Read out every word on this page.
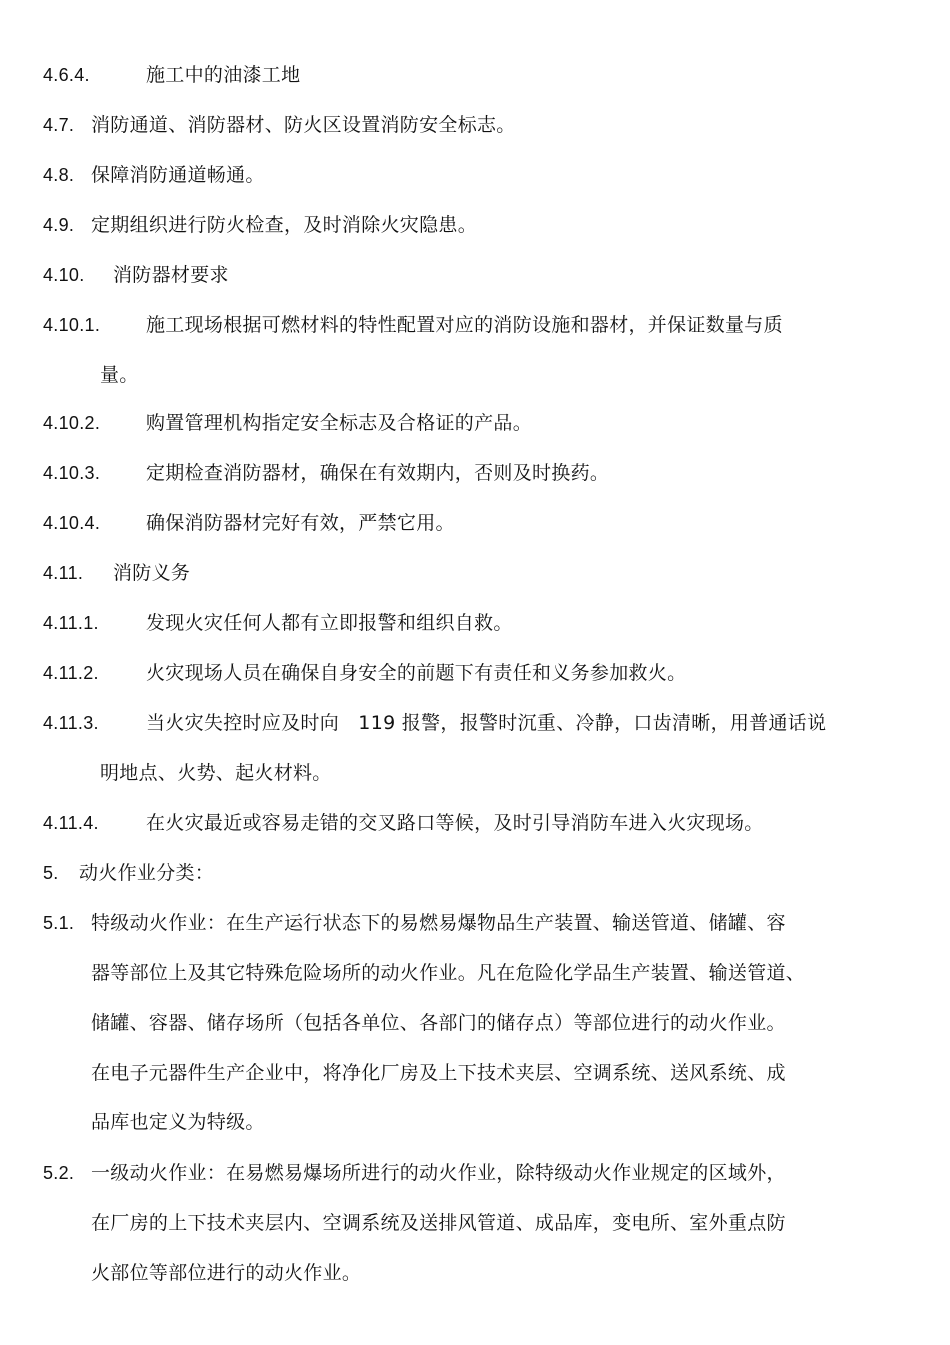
4.6.4.	施工中的油漆工地
4.7. 消防通道、消防器材、防火区设置消防安全标志。
4.8. 保障消防通道畅通。
4.9. 定期组织进行防火检查，及时消除火灾隐患。
4.10. 消防器材要求
4.10.1. 施工现场根据可燃材料的特性配置对应的消防设施和器材，并保证数量与质
量。
4.10.2. 购置管理机构指定安全标志及合格证的产品。
4.10.3. 定期检查消防器材，确保在有效期内，否则及时换药。
4.10.4. 确保消防器材完好有效，严禁它用。
4.11. 消防义务
4.11.1. 发现火灾任何人都有立即报警和组织自救。
4.11.2. 火灾现场人员在确保自身安全的前题下有责任和义务参加救火。
4.11.3. 当火灾失控时应及时向　119 报警，报警时沉重、冷静，口齿清晰，用普通话说
明地点、火势、起火材料。
4.11.4. 在火灾最近或容易走错的交叉路口等候，及时引导消防车进入火灾现场。
5. 动火作业分类：
5.1. 特级动火作业：在生产运行状态下的易燃易爆物品生产装置、输送管道、储罐、容
器等部位上及其它特殊危险场所的动火作业。凡在危险化学品生产装置、输送管道、
储罐、容器、储存场所（包括各单位、各部门的储存点）等部位进行的动火作业。
在电子元器件生产企业中，将净化厂房及上下技术夹层、空调系统、送风系统、成
品库也定义为特级。
5.2. 一级动火作业：在易燃易爆场所进行的动火作业，除特级动火作业规定的区域外，
在厂房的上下技术夹层内、空调系统及送排风管道、成品库，变电所、室外重点防
火部位等部位进行的动火作业。
